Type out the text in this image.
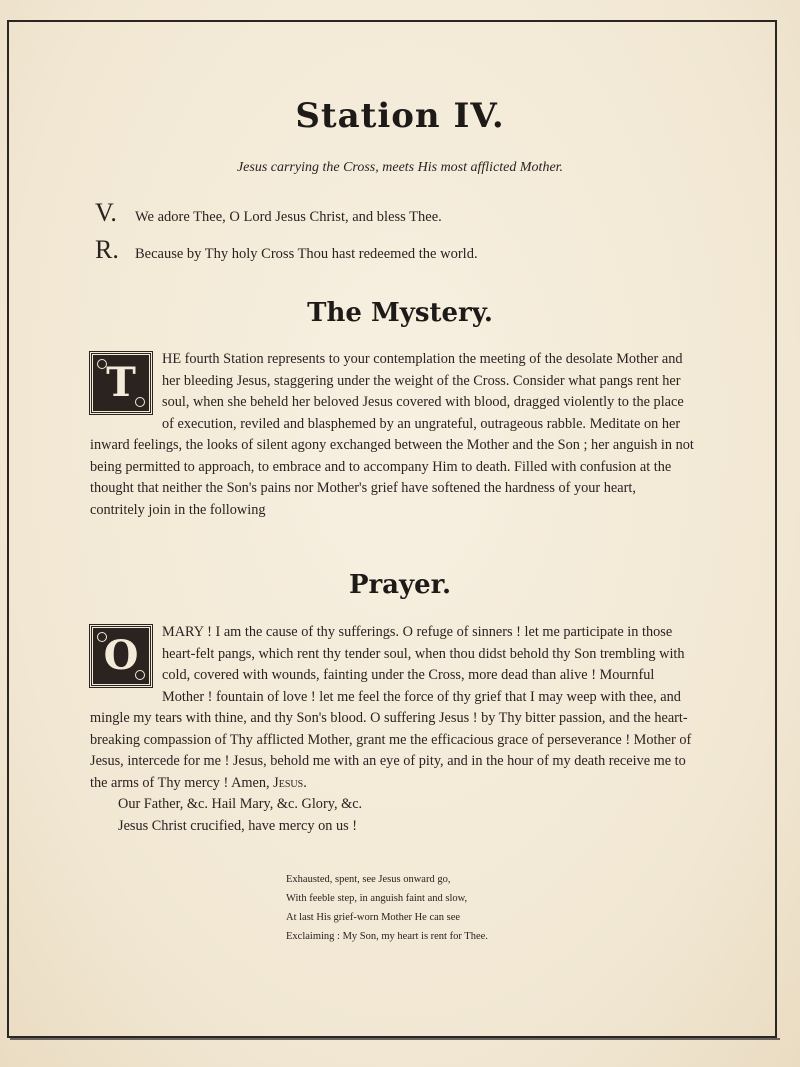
Station IV.
Jesus carrying the Cross, meets His most afflicted Mother.
V.	We adore Thee, O Lord Jesus Christ, and bless Thee.
R.	Because by Thy holy Cross Thou hast redeemed the world.
The Mystery.
T	HE fourth Station represents to your contemplation the meeting of the desolate Mother and her bleeding Jesus, staggering under the weight of the Cross. Consider what pangs rent her soul, when she beheld her beloved Jesus covered with blood, dragged violently to the place of execution, reviled and blasphemed by an ungrateful, outrageous rabble. Meditate on her inward feelings, the looks of silent agony exchanged between the Mother and the Son ; her anguish in not being permitted to approach, to embrace and to accompany Him to death. Filled with confusion at the thought that neither the Son's pains nor Mother's grief have softened the hardness of your heart, contritely join in the following

Prayer.
O	MARY ! I am the cause of thy sufferings. O refuge of sinners ! let me participate in those heart-felt pangs, which rent thy tender soul, when thou didst behold thy Son trembling with cold, covered with wounds, fainting under the Cross, more dead than alive ! Mournful Mother ! fountain of love ! let me feel the force of thy grief that I may weep with thee, and mingle my tears with thine, and thy Son's blood. O suffering Jesus ! by Thy bitter passion, and the heart-breaking compassion of Thy afflicted Mother, grant me the efficacious grace of perseverance ! Mother of Jesus, intercede for me ! Jesus, behold me with an eye of pity, and in the hour of my death receive me to the arms of Thy mercy ! Amen, Jesus.

Our Father, &c. Hail Mary, &c. Glory, &c.

Jesus Christ crucified, have mercy on us !

Exhausted, spent, see Jesus onward go,
With feeble step, in anguish faint and slow,
At last His grief-worn Mother He can see
Exclaiming : My Son, my heart is rent for Thee.
